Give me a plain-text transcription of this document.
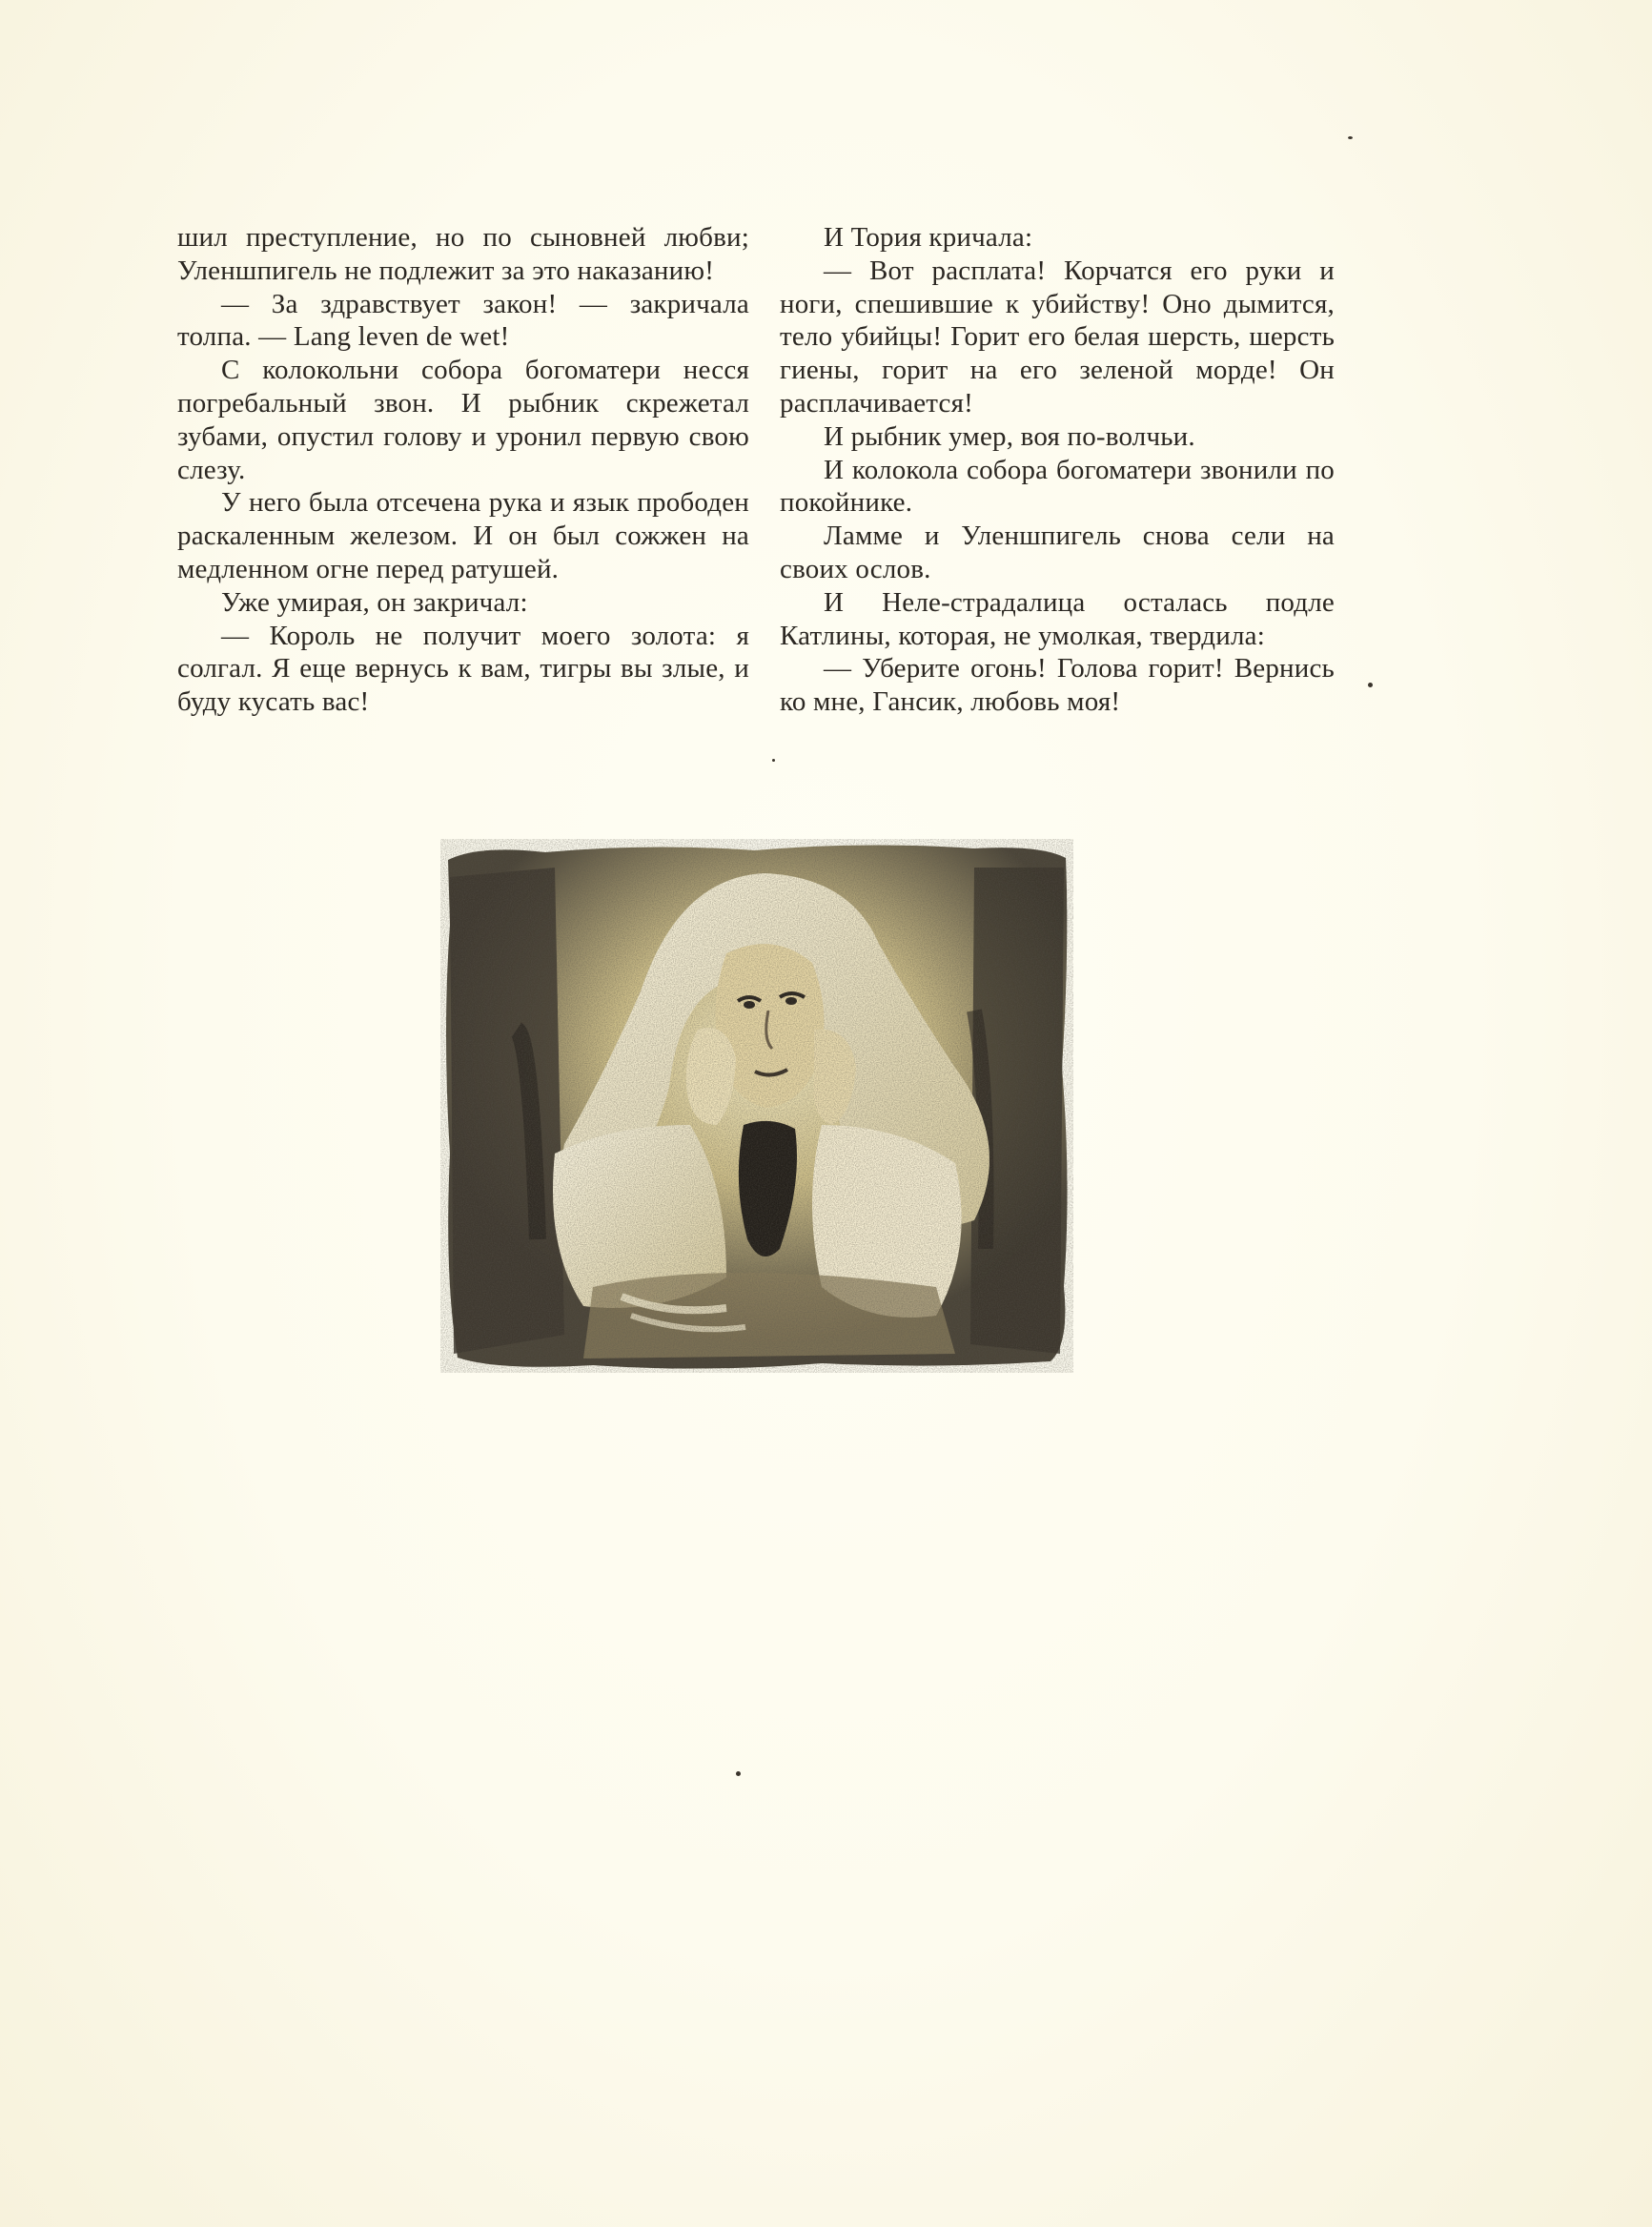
шил преступление, но по сыновней любви; Уленшпигель не подлежит за это наказанию!

— За здравствует закон! — закричала толпа. — Lang leven de wet!

С колокольни собора богоматери несся погребальный звон. И рыбник скрежетал зубами, опустил голову и уронил первую свою слезу.

У него была отсечена рука и язык прободен раскаленным железом. И он был сожжен на медленном огне перед ратушей.

Уже умирая, он закричал:

— Король не получит моего золота: я солгал. Я еще вернусь к вам, тигры вы злые, и буду кусать вас!

И Тория кричала:

— Вот расплата! Корчатся его руки и ноги, спешившие к убийству! Оно дымится, тело убийцы! Горит его белая шерсть, шерсть гиены, горит на его зеленой морде! Он расплачивается!

И рыбник умер, воя по-волчьи.

И колокола собора богоматери звонили по покойнике.

Ламме и Уленшпигель снова сели на своих ослов.

И Неле-страдалица осталась подле Катлины, которая, не умолкая, твердила:

— Уберите огонь! Голова горит! Вернись ко мне, Гансик, любовь моя!
